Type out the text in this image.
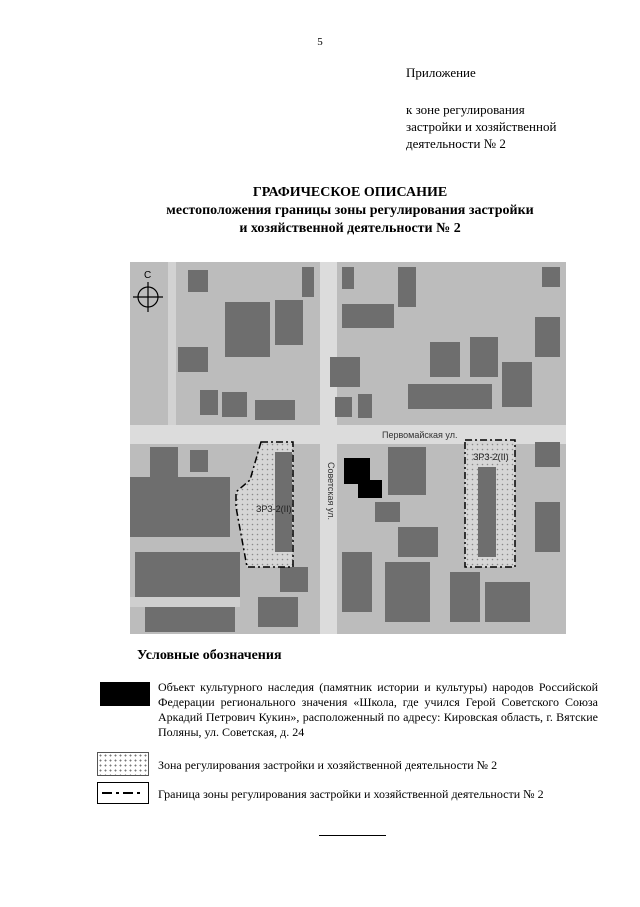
5
Приложение
к зоне регулирования
застройки и хозяйственной
деятельности № 2
ГРАФИЧЕСКОЕ ОПИСАНИЕ
местоположения границы зоны регулирования застройки
и хозяйственной деятельности № 2
С
Первомайская ул.
Советская ул.
ЗРЗ-2(II)
ЗРЗ-2(II)
Условные обозначения
Объект культурного наследия (памятник истории и культуры) народов Российской Федерации регионального значения «Школа, где учился Герой Советского Союза Аркадий Петрович Кукин», расположенный по адресу: Кировская область, г. Вятские Поляны, ул. Советская, д. 24
Зона регулирования застройки и хозяйственной деятельности № 2
Граница зоны регулирования застройки и хозяйственной деятельности № 2
